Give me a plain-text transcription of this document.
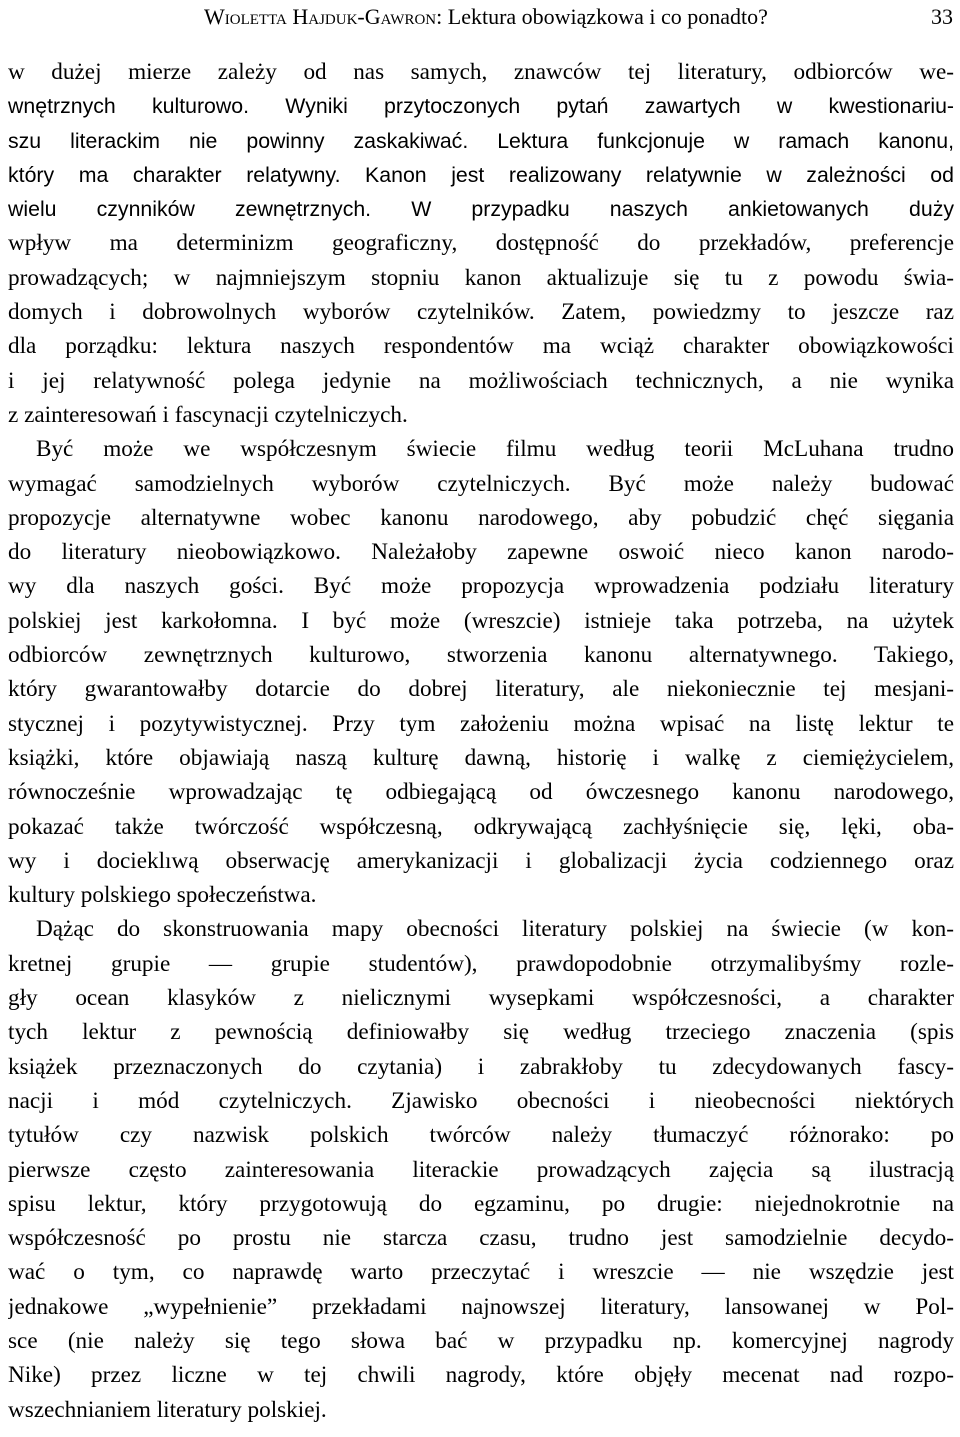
Wioletta Hajduk-Gawron: Lektura obowiązkowa i co ponadto?	33
w dużej mierze zależy od nas samych, znawców tej literatury, odbiorców we-
wnętrznych kulturowo. Wyniki przytoczonych pytań zawartych w kwestionariu-
szu literackim nie powinny zaskakiwać. Lektura funkcjonuje w ramach kanonu,
który ma charakter relatywny. Kanon jest realizowany relatywnie w zależności od
wielu czynników zewnętrznych. W przypadku naszych ankietowanych duży
wpływ ma determinizm geograficzny, dostępność do przekładów, preferencje
prowadzących; w najmniejszym stopniu kanon aktualizuje się tu z powodu świa-
domych i dobrowolnych wyborów czytelników. Zatem, powiedzmy to jeszcze raz
dla porządku: lektura naszych respondentów ma wciąż charakter obowiązkowości
i jej relatywność polega jedynie na możliwościach technicznych, a nie wynika
z zainteresowań i fascynacji czytelniczych.
Być może we współczesnym świecie filmu według teorii McLuhana trudno
wymagać samodzielnych wyborów czytelniczych. Być może należy budować
propozycje alternatywne wobec kanonu narodowego, aby pobudzić chęć sięgania
do literatury nieobowiązkowo. Należałoby zapewne oswoić nieco kanon narodo-
wy dla naszych gości. Być może propozycja wprowadzenia podziału literatury
polskiej jest karkołomna. I być może (wreszcie) istnieje taka potrzeba, na użytek
odbiorców zewnętrznych kulturowo, stworzenia kanonu alternatywnego. Takiego,
który gwarantowałby dotarcie do dobrej literatury, ale niekoniecznie tej mesjani-
stycznej i pozytywistycznej. Przy tym założeniu można wpisać na listę lektur te
książki, które objawiają naszą kulturę dawną, historię i walkę z ciemiężycielem,
równocześnie wprowadzając tę odbiegającą od ówczesnego kanonu narodowego,
pokazać także twórczość współczesną, odkrywającą zachłyśnięcie się, lęki, oba-
wy i docieklıwą obserwację amerykanizacji i globalizacji życia codziennego oraz
kultury polskiego społeczeństwa.
Dążąc do skonstruowania mapy obecności literatury polskiej na świecie (w kon-
kretnej grupie — grupie studentów), prawdopodobnie otrzymalibyśmy rozle-
gły ocean klasyków z nielicznymi wysepkami współczesności, a charakter
tych lektur z pewnością definiowałby się według trzeciego znaczenia (spis
książek przeznaczonych do czytania) i zabrakłoby tu zdecydowanych fascy-
nacji i mód czytelniczych. Zjawisko obecności i nieobecności niektórych
tytułów czy nazwisk polskich twórców należy tłumaczyć różnorako: po
pierwsze często zainteresowania literackie prowadzących zajęcia są ilustracją
spisu lektur, który przygotowują do egzaminu, po drugie: niejednokrotnie na
współczesność po prostu nie starcza czasu, trudno jest samodzielnie decydo-
wać o tym, co naprawdę warto przeczytać i wreszcie — nie wszędzie jest
jednakowe „wypełnienie” przekładami najnowszej literatury, lansowanej w Pol-
sce (nie należy się tego słowa bać w przypadku np. komercyjnej nagrody
Nike) przez liczne w tej chwili nagrody, które objęły mecenat nad rozpo-
wszechnianiem literatury polskiej.
